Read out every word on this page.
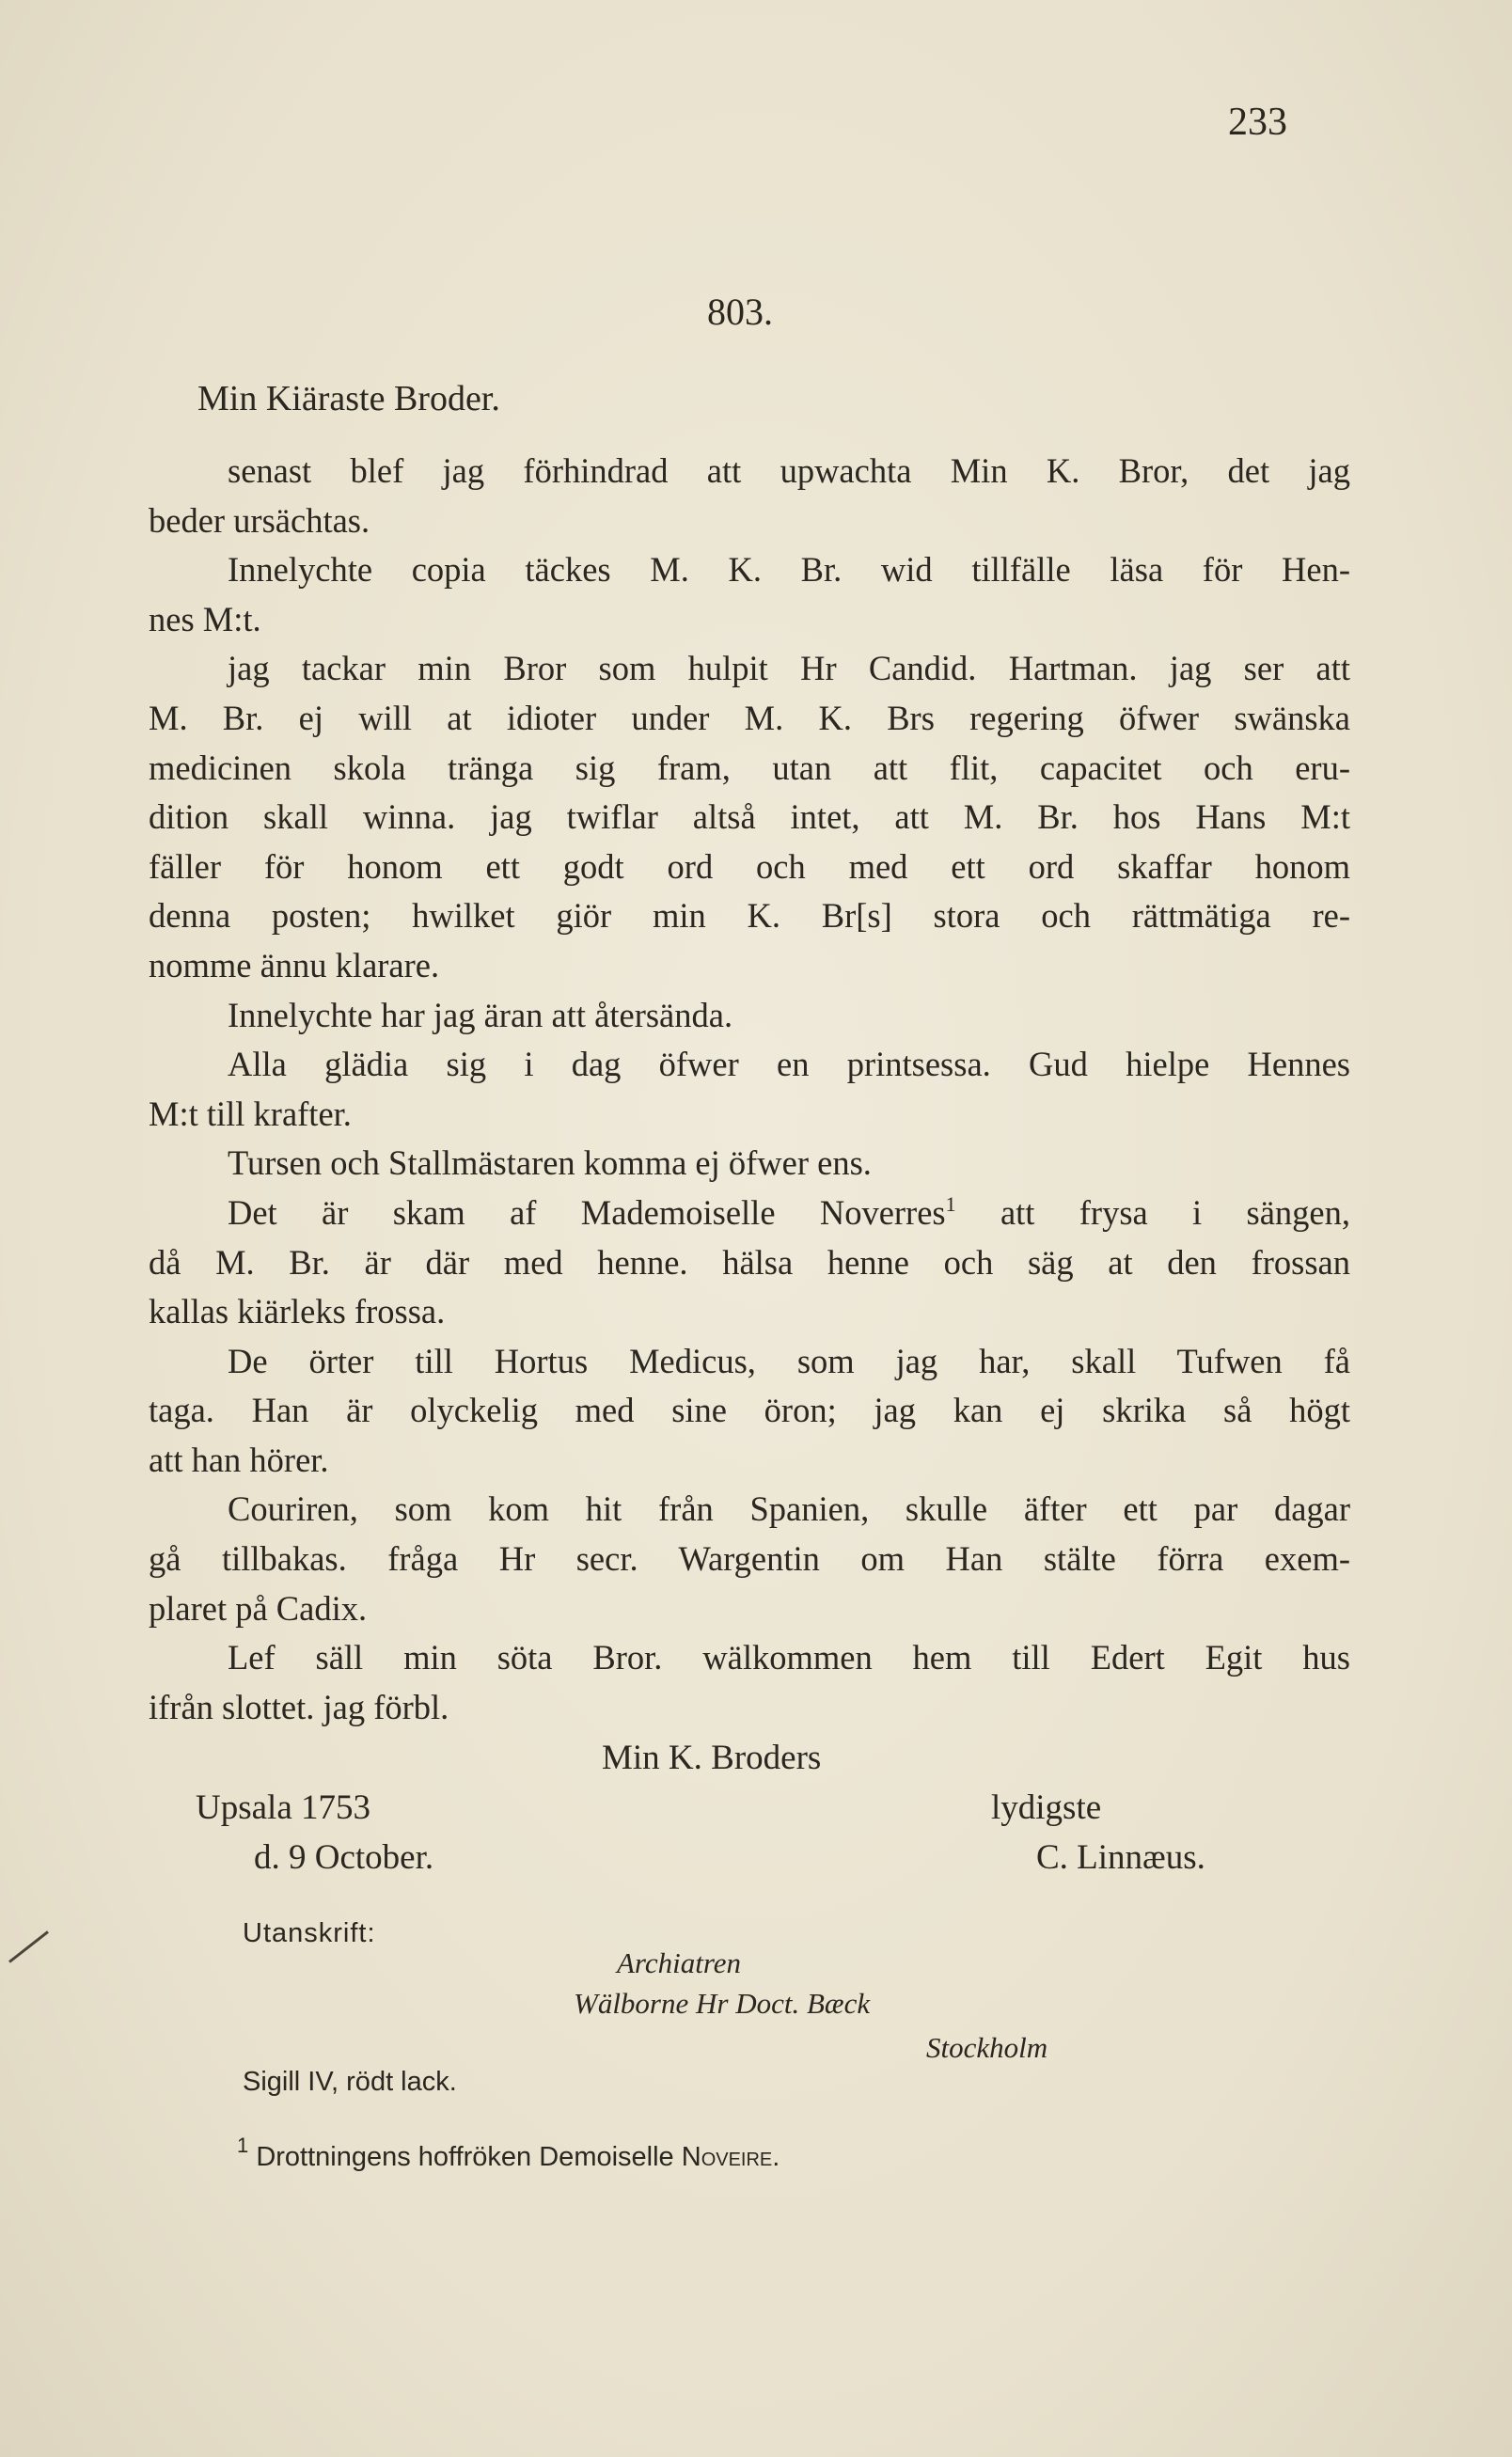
233
803.
Min Kiäraste Broder.
senast blef jag förhindrad att upwachta Min K. Bror, det jag
beder ursächtas.
Innelychte copia täckes M. K. Br. wid tillfälle läsa för Hen-
nes M:t.
jag tackar min Bror som hulpit Hr Candid. Hartman. jag ser att
M. Br. ej will at idioter under M. K. Brs regering öfwer swänska
medicinen skola tränga sig fram, utan att flit, capacitet och eru-
dition skall winna. jag twiflar altså intet, att M. Br. hos Hans M:t
fäller för honom ett godt ord och med ett ord skaffar honom
denna posten; hwilket giör min K. Br[s] stora och rättmätiga re-
nomme ännu klarare.
Innelychte har jag äran att återsända.
Alla glädia sig i dag öfwer en printsessa. Gud hielpe Hennes
M:t till krafter.
Tursen och Stallmästaren komma ej öfwer ens.
Det är skam af Mademoiselle Noverres$^1$ att frysa i sängen,
då M. Br. är där med henne. hälsa henne och säg at den frossan
kallas kiärleks frossa.
De örter till Hortus Medicus, som jag har, skall Tufwen få
taga. Han är olyckelig med sine öron; jag kan ej skrika så högt
att han hörer.
Couriren, som kom hit från Spanien, skulle äfter ett par dagar
gå tillbakas. fråga Hr secr. Wargentin om Han stälte förra exem-
plaret på Cadix.
Lef säll min söta Bror. wälkommen hem till Edert Egit hus
ifrån slottet. jag förbl.
Min K. Broders
Upsala 1753
d. 9 October.
lydigste
C. Linnæus.
Utanskrift:
Archiatren
Wälborne Hr Doct. Bæck
Stockholm
Sigill IV, rödt lack.
$^1$ Drottningens hoffröken Demoiselle Noveire.
